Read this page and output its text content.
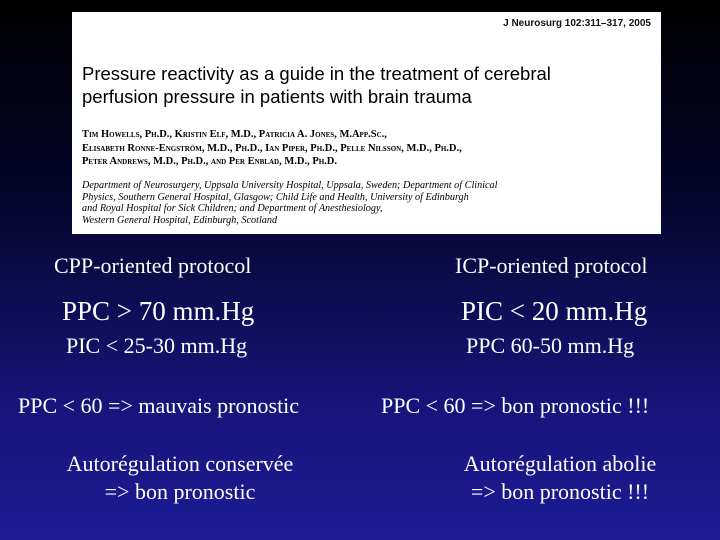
J Neurosurg 102:311–317, 2005
Pressure reactivity as a guide in the treatment of cerebral
perfusion pressure in patients with brain trauma
Tim Howells, Ph.D., Kristin Elf, M.D., Patricia A. Jones, M.App.Sc.,
Elisabeth Ronne-Engström, M.D., Ph.D., Ian Piper, Ph.D., Pelle Nilsson, M.D., Ph.D.,
Peter Andrews, M.D., Ph.D., and Per Enblad, M.D., Ph.D.
Department of Neurosurgery, Uppsala University Hospital, Uppsala, Sweden; Department of Clinical
Physics, Southern General Hospital, Glasgow; Child Life and Health, University of Edinburgh
and Royal Hospital for Sick Children; and Department of Anesthesiology,
Western General Hospital, Edinburgh, Scotland
CPP-oriented protocol
PPC > 70 mm.Hg
PIC < 25-30 mm.Hg
PPC < 60 => mauvais pronostic
Autorégulation conservée
=> bon pronostic
ICP-oriented protocol
PIC < 20 mm.Hg
PPC 60-50 mm.Hg
PPC < 60 => bon pronostic !!!
Autorégulation abolie
=> bon pronostic !!!
